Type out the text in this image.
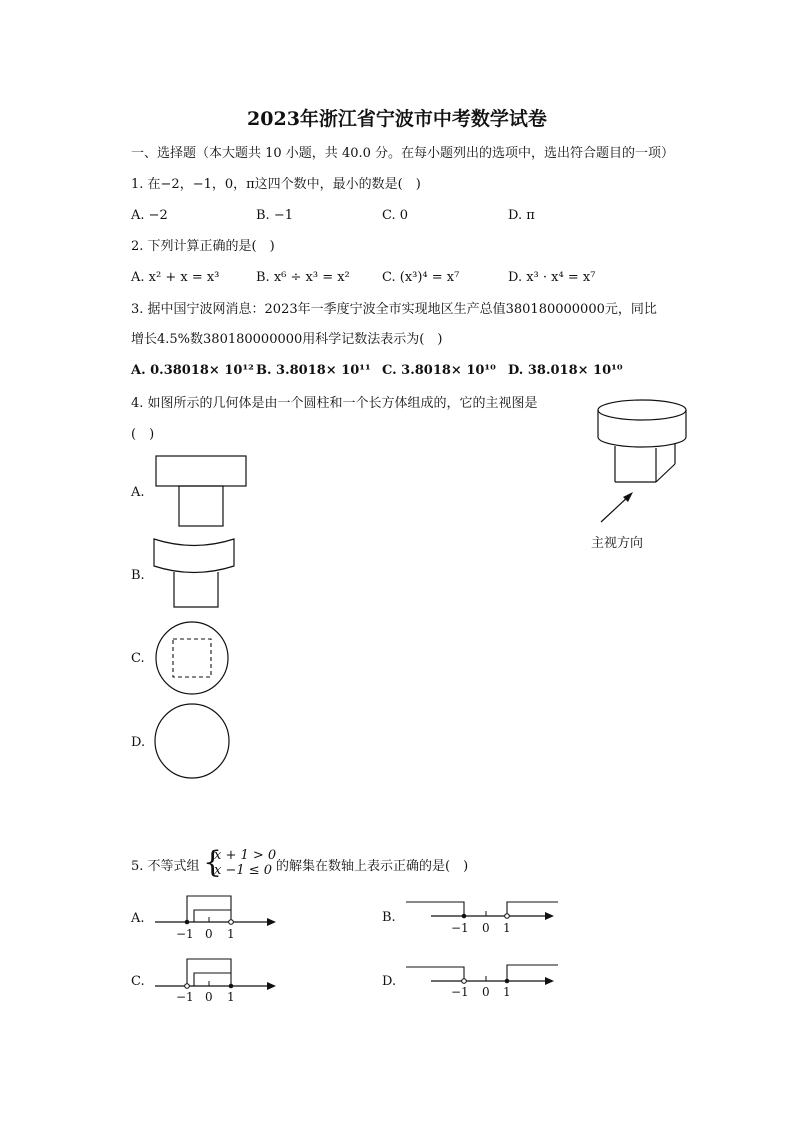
2023年浙江省宁波市中考数学试卷
一、选择题（本大题共 10 小题，共 40.0 分。在每小题列出的选项中，选出符合题目的一项）
1. 在−2，−1，0，π这四个数中，最小的数是(　)
A. −2	B. −1	C. 0	D. π
2. 下列计算正确的是(　)
A. x² + x = x³	B. x⁶ ÷ x³ = x² C. (x³)⁴ = x⁷	D. x³ · x⁴ = x⁷
3. 据中国宁波网消息：2023年一季度宁波全市实现地区生产总值380180000000元，同比
增长4.5%数380180000000用科学记数法表示为(　)
A. 0.38018× 10¹² B. 3.8018× 10¹¹ C. 3.8018× 10¹⁰ D. 38.018× 10¹⁰
4. 如图所示的几何体是由一个圆柱和一个长方体组成的，它的主视图是
(　)
主视方向
A.
B.
C.
D.
5. 不等式组 {
x + 1 > 0
x −1 ≤ 0 的解集在数轴上表示正确的是(　)
A.
−1 0 1
B.
−1 0 1
C.
−1 0 1
D.
−1 0 1
